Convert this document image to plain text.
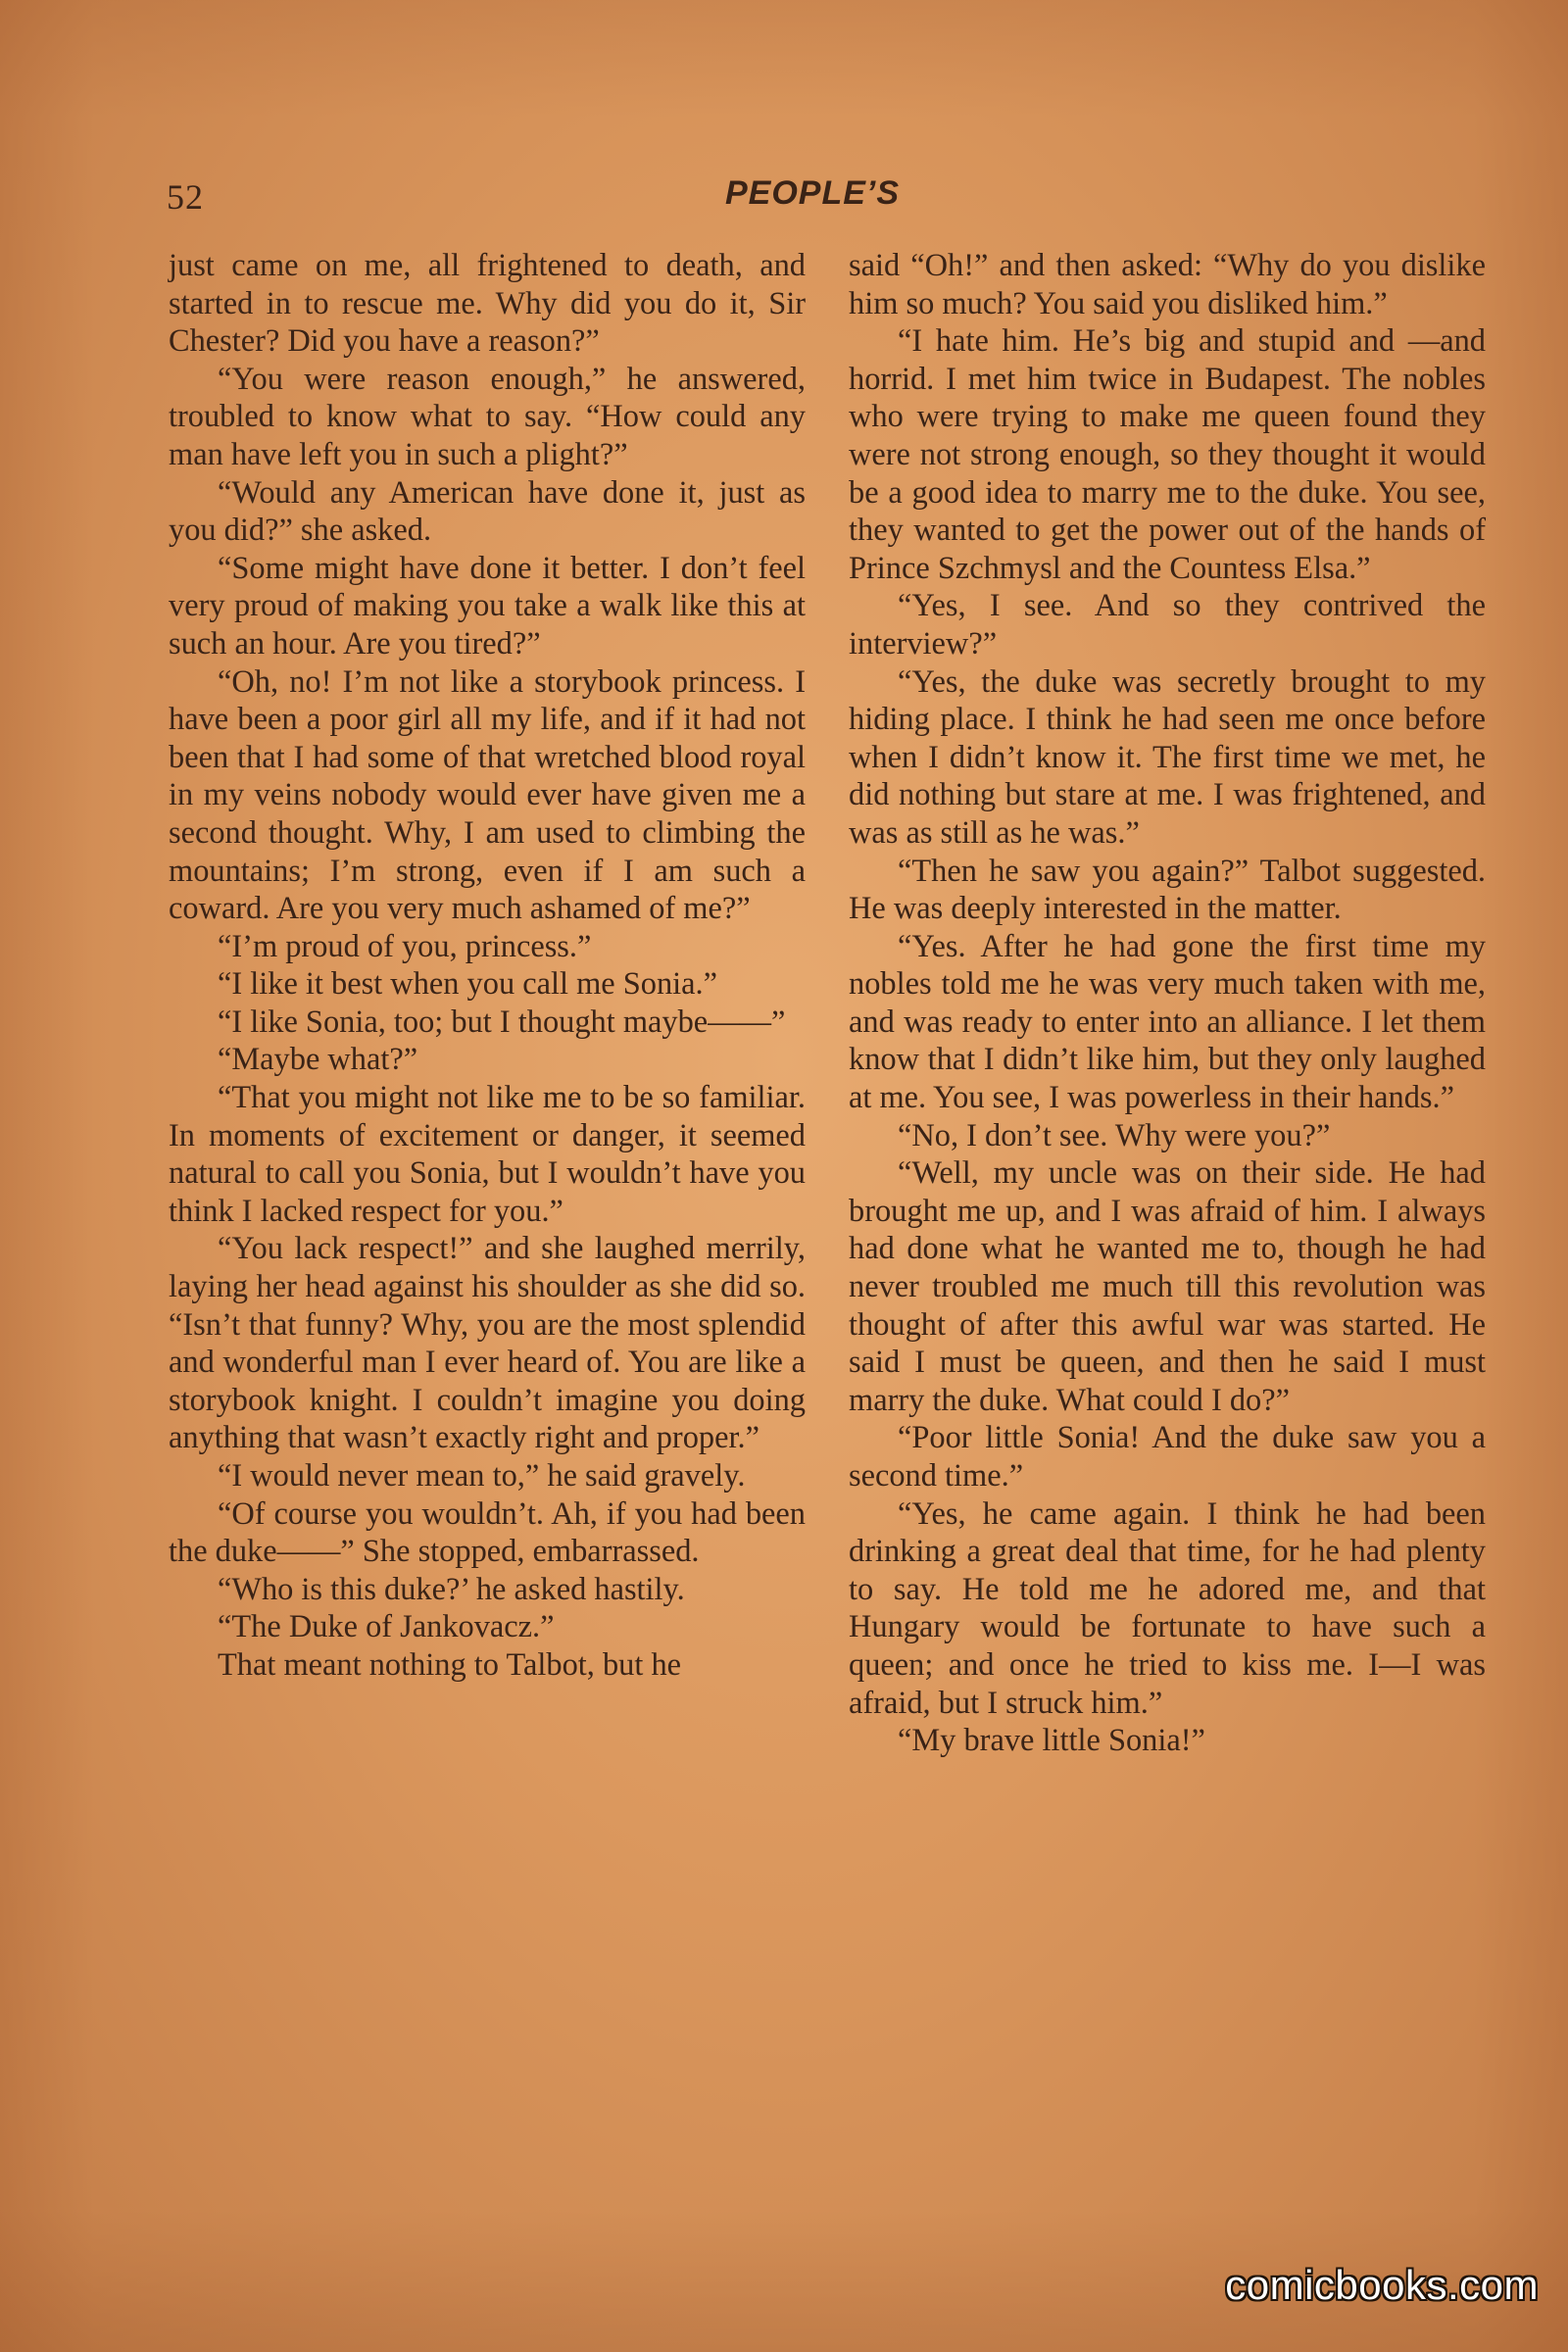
52	PEOPLE’S

just came on me, all frightened to death, and started in to rescue me. Why did you do it, Sir Chester? Did you have a reason?”

“You were reason enough,” he answered, troubled to know what to say. “How could any man have left you in such a plight?”

“Would any American have done it, just as you did?” she asked.

“Some might have done it better. I don’t feel very proud of making you take a walk like this at such an hour. Are you tired?”

“Oh, no! I’m not like a storybook princess. I have been a poor girl all my life, and if it had not been that I had some of that wretched blood royal in my veins nobody would ever have given me a second thought. Why, I am used to climbing the mountains; I’m strong, even if I am such a coward. Are you very much ashamed of me?”

“I’m proud of you, princess.”

“I like it best when you call me Sonia.”

“I like Sonia, too; but I thought maybe——”

“Maybe what?”

“That you might not like me to be so familiar. In moments of excitement or danger, it seemed natural to call you Sonia, but I wouldn’t have you think I lacked respect for you.”

“You lack respect!” and she laughed merrily, laying her head against his shoulder as she did so. “Isn’t that funny? Why, you are the most splendid and wonderful man I ever heard of. You are like a storybook knight. I couldn’t imagine you doing anything that wasn’t exactly right and proper.”

“I would never mean to,” he said gravely.

“Of course you wouldn’t. Ah, if you had been the duke——” She stopped, embarrassed.

“Who is this duke?’ he asked hastily.

“The Duke of Jankovacz.”

That meant nothing to Talbot, but he

said “Oh!” and then asked: “Why do you dislike him so much? You said you disliked him.”

“I hate him. He’s big and stupid and —and horrid. I met him twice in Budapest. The nobles who were trying to make me queen found they were not strong enough, so they thought it would be a good idea to marry me to the duke. You see, they wanted to get the power out of the hands of Prince Szchmysl and the Countess Elsa.”

“Yes, I see. And so they contrived the interview?”

“Yes, the duke was secretly brought to my hiding place. I think he had seen me once before when I didn’t know it. The first time we met, he did nothing but stare at me. I was frightened, and was as still as he was.”

“Then he saw you again?” Talbot suggested. He was deeply interested in the matter.

“Yes. After he had gone the first time my nobles told me he was very much taken with me, and was ready to enter into an alliance. I let them know that I didn’t like him, but they only laughed at me. You see, I was powerless in their hands.”

“No, I don’t see. Why were you?”

“Well, my uncle was on their side. He had brought me up, and I was afraid of him. I always had done what he wanted me to, though he had never troubled me much till this revolution was thought of after this awful war was started. He said I must be queen, and then he said I must marry the duke. What could I do?”

“Poor little Sonia! And the duke saw you a second time.”

“Yes, he came again. I think he had been drinking a great deal that time, for he had plenty to say. He told me he adored me, and that Hungary would be fortunate to have such a queen; and once he tried to kiss me. I—I was afraid, but I struck him.”

“My brave little Sonia!”

comicbooks.com
